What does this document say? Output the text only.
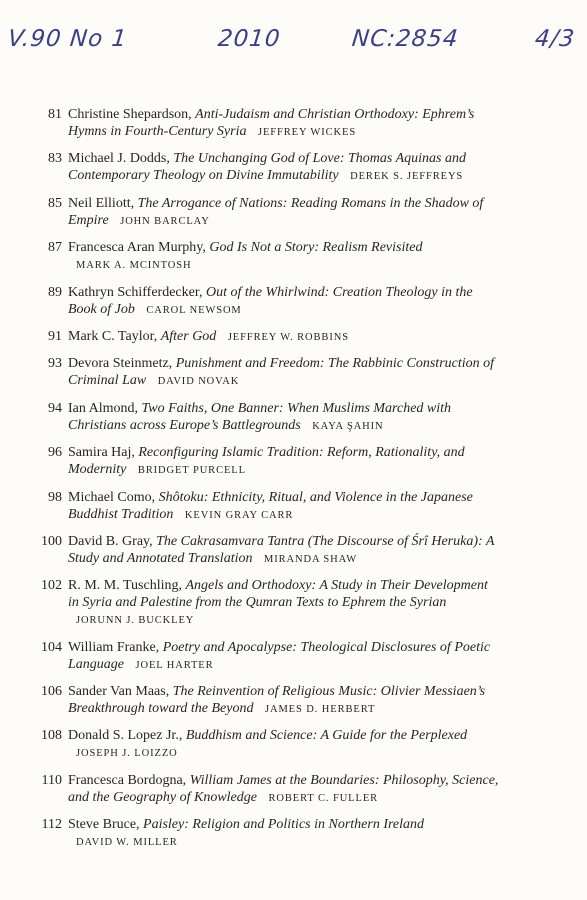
V.90 No 1	2010	NC:2854	4/3
81 Christine Shepardson, Anti-Judaism and Christian Orthodoxy: Ephrem’s Hymns in Fourth-Century Syria JEFFREY WICKES
83 Michael J. Dodds, The Unchanging God of Love: Thomas Aquinas and Contemporary Theology on Divine Immutability DEREK S. JEFFREYS
85 Neil Elliott, The Arrogance of Nations: Reading Romans in the Shadow of Empire JOHN BARCLAY
87 Francesca Aran Murphy, God Is Not a Story: Realism Revisited MARK A. MCINTOSH
89 Kathryn Schifferdecker, Out of the Whirlwind: Creation Theology in the Book of Job CAROL NEWSOM
91 Mark C. Taylor, After God JEFFREY W. ROBBINS
93 Devora Steinmetz, Punishment and Freedom: The Rabbinic Construction of Criminal Law DAVID NOVAK
94 Ian Almond, Two Faiths, One Banner: When Muslims Marched with Christians across Europe’s Battlegrounds KAYA ŞAHIN
96 Samira Haj, Reconfiguring Islamic Tradition: Reform, Rationality, and Modernity BRIDGET PURCELL
98 Michael Como, Shôtoku: Ethnicity, Ritual, and Violence in the Japanese Buddhist Tradition KEVIN GRAY CARR
100 David B. Gray, The Cakrasamvara Tantra (The Discourse of Śrî Heruka): A Study and Annotated Translation MIRANDA SHAW
102 R. M. M. Tuschling, Angels and Orthodoxy: A Study in Their Development in Syria and Palestine from the Qumran Texts to Ephrem the Syrian JORUNN J. BUCKLEY
104 William Franke, Poetry and Apocalypse: Theological Disclosures of Poetic Language JOEL HARTER
106 Sander Van Maas, The Reinvention of Religious Music: Olivier Messiaen’s Breakthrough toward the Beyond JAMES D. HERBERT
108 Donald S. Lopez Jr., Buddhism and Science: A Guide for the Perplexed JOSEPH J. LOIZZO
110 Francesca Bordogna, William James at the Boundaries: Philosophy, Science, and the Geography of Knowledge ROBERT C. FULLER
112 Steve Bruce, Paisley: Religion and Politics in Northern Ireland DAVID W. MILLER
